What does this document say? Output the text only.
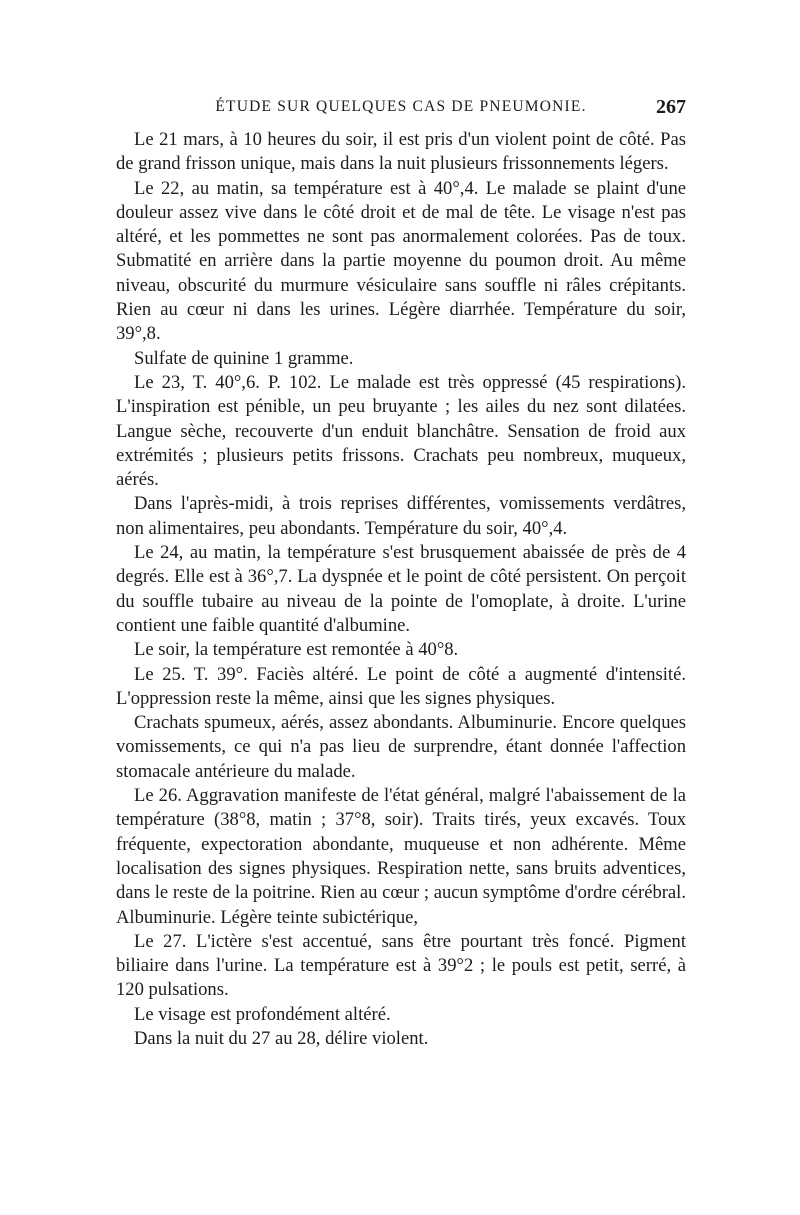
ÉTUDE SUR QUELQUES CAS DE PNEUMONIE.	267

Le 21 mars, à 10 heures du soir, il est pris d'un violent point de côté. Pas de grand frisson unique, mais dans la nuit plusieurs frissonnements légers.

Le 22, au matin, sa température est à 40°,4. Le malade se plaint d'une douleur assez vive dans le côté droit et de mal de tête. Le visage n'est pas altéré, et les pommettes ne sont pas anormalement colorées. Pas de toux. Submatité en arrière dans la partie moyenne du poumon droit. Au même niveau, obscurité du murmure vésiculaire sans souffle ni râles crépitants. Rien au cœur ni dans les urines. Légère diarrhée. Température du soir, 39°,8.

Sulfate de quinine 1 gramme.

Le 23, T. 40°,6. P. 102. Le malade est très oppressé (45 respirations). L'inspiration est pénible, un peu bruyante ; les ailes du nez sont dilatées. Langue sèche, recouverte d'un enduit blanchâtre. Sensation de froid aux extrémités ; plusieurs petits frissons. Crachats peu nombreux, muqueux, aérés.

Dans l'après-midi, à trois reprises différentes, vomissements verdâtres, non alimentaires, peu abondants. Température du soir, 40°,4.

Le 24, au matin, la température s'est brusquement abaissée de près de 4 degrés. Elle est à 36°,7. La dyspnée et le point de côté persistent. On perçoit du souffle tubaire au niveau de la pointe de l'omoplate, à droite. L'urine contient une faible quantité d'albumine.

Le soir, la température est remontée à 40°8.

Le 25. T. 39°. Faciès altéré. Le point de côté a augmenté d'intensité. L'oppression reste la même, ainsi que les signes physiques.

Crachats spumeux, aérés, assez abondants. Albuminurie. Encore quelques vomissements, ce qui n'a pas lieu de surprendre, étant donnée l'affection stomacale antérieure du malade.

Le 26. Aggravation manifeste de l'état général, malgré l'abaissement de la température (38°8, matin ; 37°8, soir). Traits tirés, yeux excavés. Toux fréquente, expectoration abondante, muqueuse et non adhérente. Même localisation des signes physiques. Respiration nette, sans bruits adventices, dans le reste de la poitrine. Rien au cœur ; aucun symptôme d'ordre cérébral. Albuminurie. Légère teinte subictérique,

Le 27. L'ictère s'est accentué, sans être pourtant très foncé. Pigment biliaire dans l'urine. La température est à 39°2 ; le pouls est petit, serré, à 120 pulsations.

Le visage est profondément altéré.

Dans la nuit du 27 au 28, délire violent.
